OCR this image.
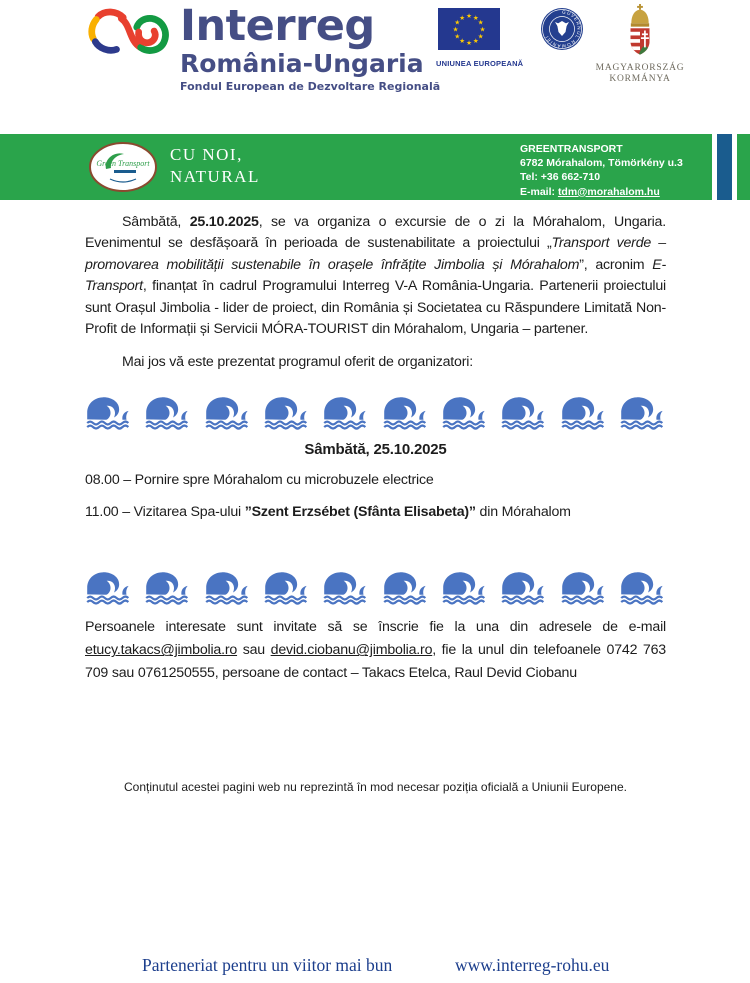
Interreg
România-Ungaria
Fondul European de Dezvoltare Regională
★ ★
★
★
★
★
★
★
★
★
★
★
UNIUNEA EUROPEANĂ
GUVERNUL ROMÂNIEI
MAGYARORSZÁG
KORMÁNYA
Green Transport CU NOI,
NATURAL
GREENTRANSPORT
6782 Mórahalom, Tömörkény u.3
Tel: +36 662-710
E-mail: tdm@morahalom.hu

Sâmbătă, 25.10.2025, se va organiza o excursie de o zi la Mórahalom, Ungaria. Evenimentul se desfășoară în perioada de sustenabilitate a proiectului „Transport verde – promovarea mobilității sustenabile în orașele înfrățite Jimbolia și Mórahalom”, acronim E-Transport, finanțat în cadrul Programului Interreg V-A România-Ungaria. Partenerii proiectului sunt Orașul Jimbolia - lider de proiect, din România și Societatea cu Răspundere Limitată Non-Profit de Informații și Servicii MÓRA-TOURIST din Mórahalom, Ungaria – partener.

Mai jos vă este prezentat programul oferit de organizatori:

Sâmbătă, 25.10.2025

08.00 – Pornire spre Mórahalom cu microbuzele electrice

11.00 – Vizitarea Spa-ului ”Szent Erzsébet (Sfânta Elisabeta)” din Mórahalom

Persoanele interesate sunt invitate să se înscrie fie la una din adresele de e-mail etucy.takacs@jimbolia.ro sau devid.ciobanu@jimbolia.ro, fie la unul din telefoanele 0742 763 709 sau 0761250555, persoane de contact – Takacs Etelca, Raul Devid Ciobanu

Conținutul acestei pagini web nu reprezintă în mod necesar poziția oficială a Uniunii Europene.

Parteneriat pentru un viitor mai bun	www.interreg-rohu.eu
